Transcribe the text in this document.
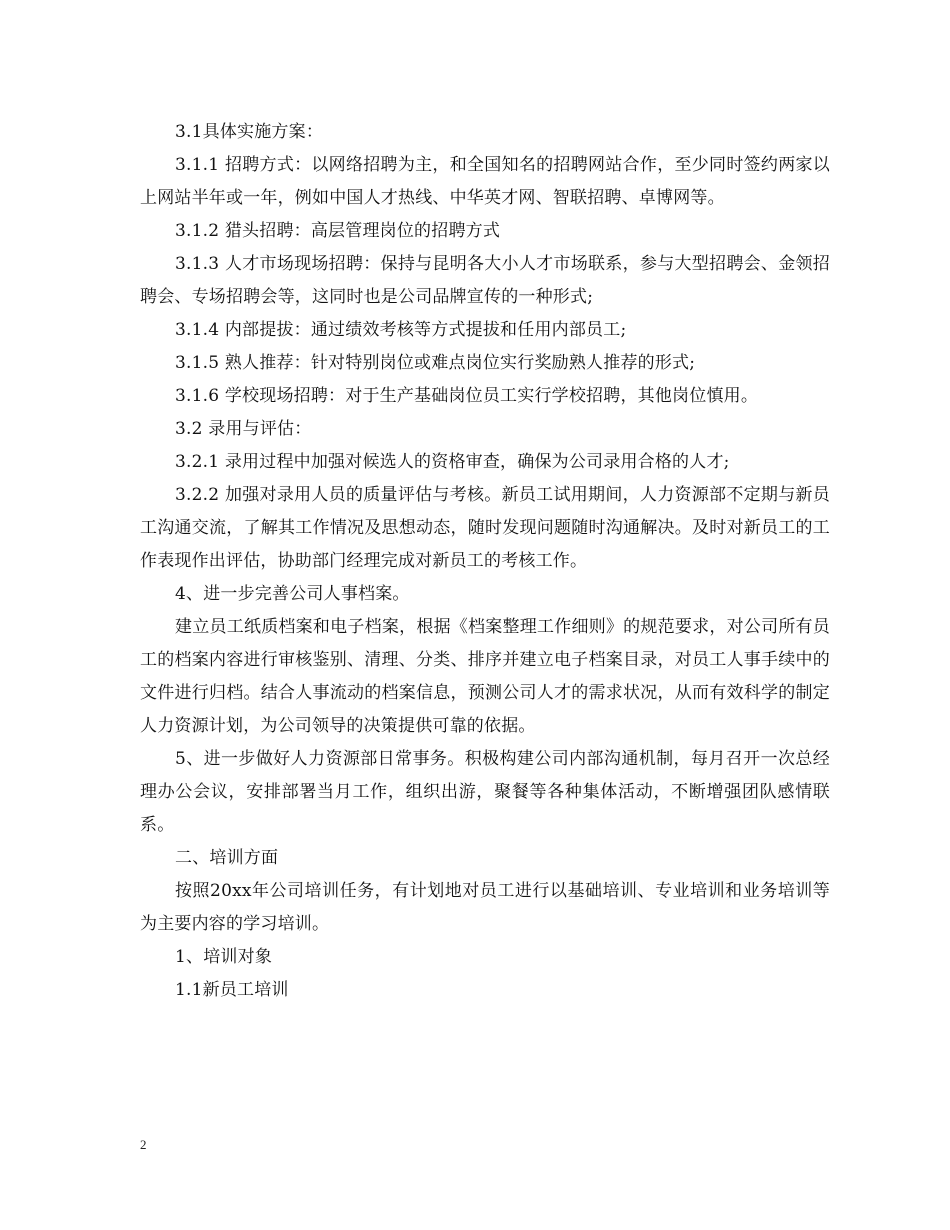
3.1具体实施方案：

3.1.1 招聘方式：以网络招聘为主，和全国知名的招聘网站合作，至少同时签约两家以上网站半年或一年，例如中国人才热线、中华英才网、智联招聘、卓博网等。

3.1.2 猎头招聘：高层管理岗位的招聘方式

3.1.3 人才市场现场招聘：保持与昆明各大小人才市场联系，参与大型招聘会、金领招聘会、专场招聘会等，这同时也是公司品牌宣传的一种形式;

3.1.4 内部提拔：通过绩效考核等方式提拔和任用内部员工;

3.1.5 熟人推荐：针对特别岗位或难点岗位实行奖励熟人推荐的形式;

3.1.6 学校现场招聘：对于生产基础岗位员工实行学校招聘，其他岗位慎用。

3.2 录用与评估：

3.2.1 录用过程中加强对候选人的资格审查，确保为公司录用合格的人才;

3.2.2 加强对录用人员的质量评估与考核。新员工试用期间，人力资源部不定期与新员工沟通交流，了解其工作情况及思想动态，随时发现问题随时沟通解决。及时对新员工的工作表现作出评估，协助部门经理完成对新员工的考核工作。

4、进一步完善公司人事档案。

建立员工纸质档案和电子档案，根据《档案整理工作细则》的规范要求，对公司所有员工的档案内容进行审核鉴别、清理、分类、排序并建立电子档案目录，对员工人事手续中的文件进行归档。结合人事流动的档案信息，预测公司人才的需求状况，从而有效科学的制定人力资源计划，为公司领导的决策提供可靠的依据。

5、进一步做好人力资源部日常事务。积极构建公司内部沟通机制，每月召开一次总经理办公会议，安排部署当月工作，组织出游，聚餐等各种集体活动，不断增强团队感情联系。

二、培训方面

按照20xx年公司培训任务，有计划地对员工进行以基础培训、专业培训和业务培训等为主要内容的学习培训。

1、培训对象

1.1新员工培训

2
